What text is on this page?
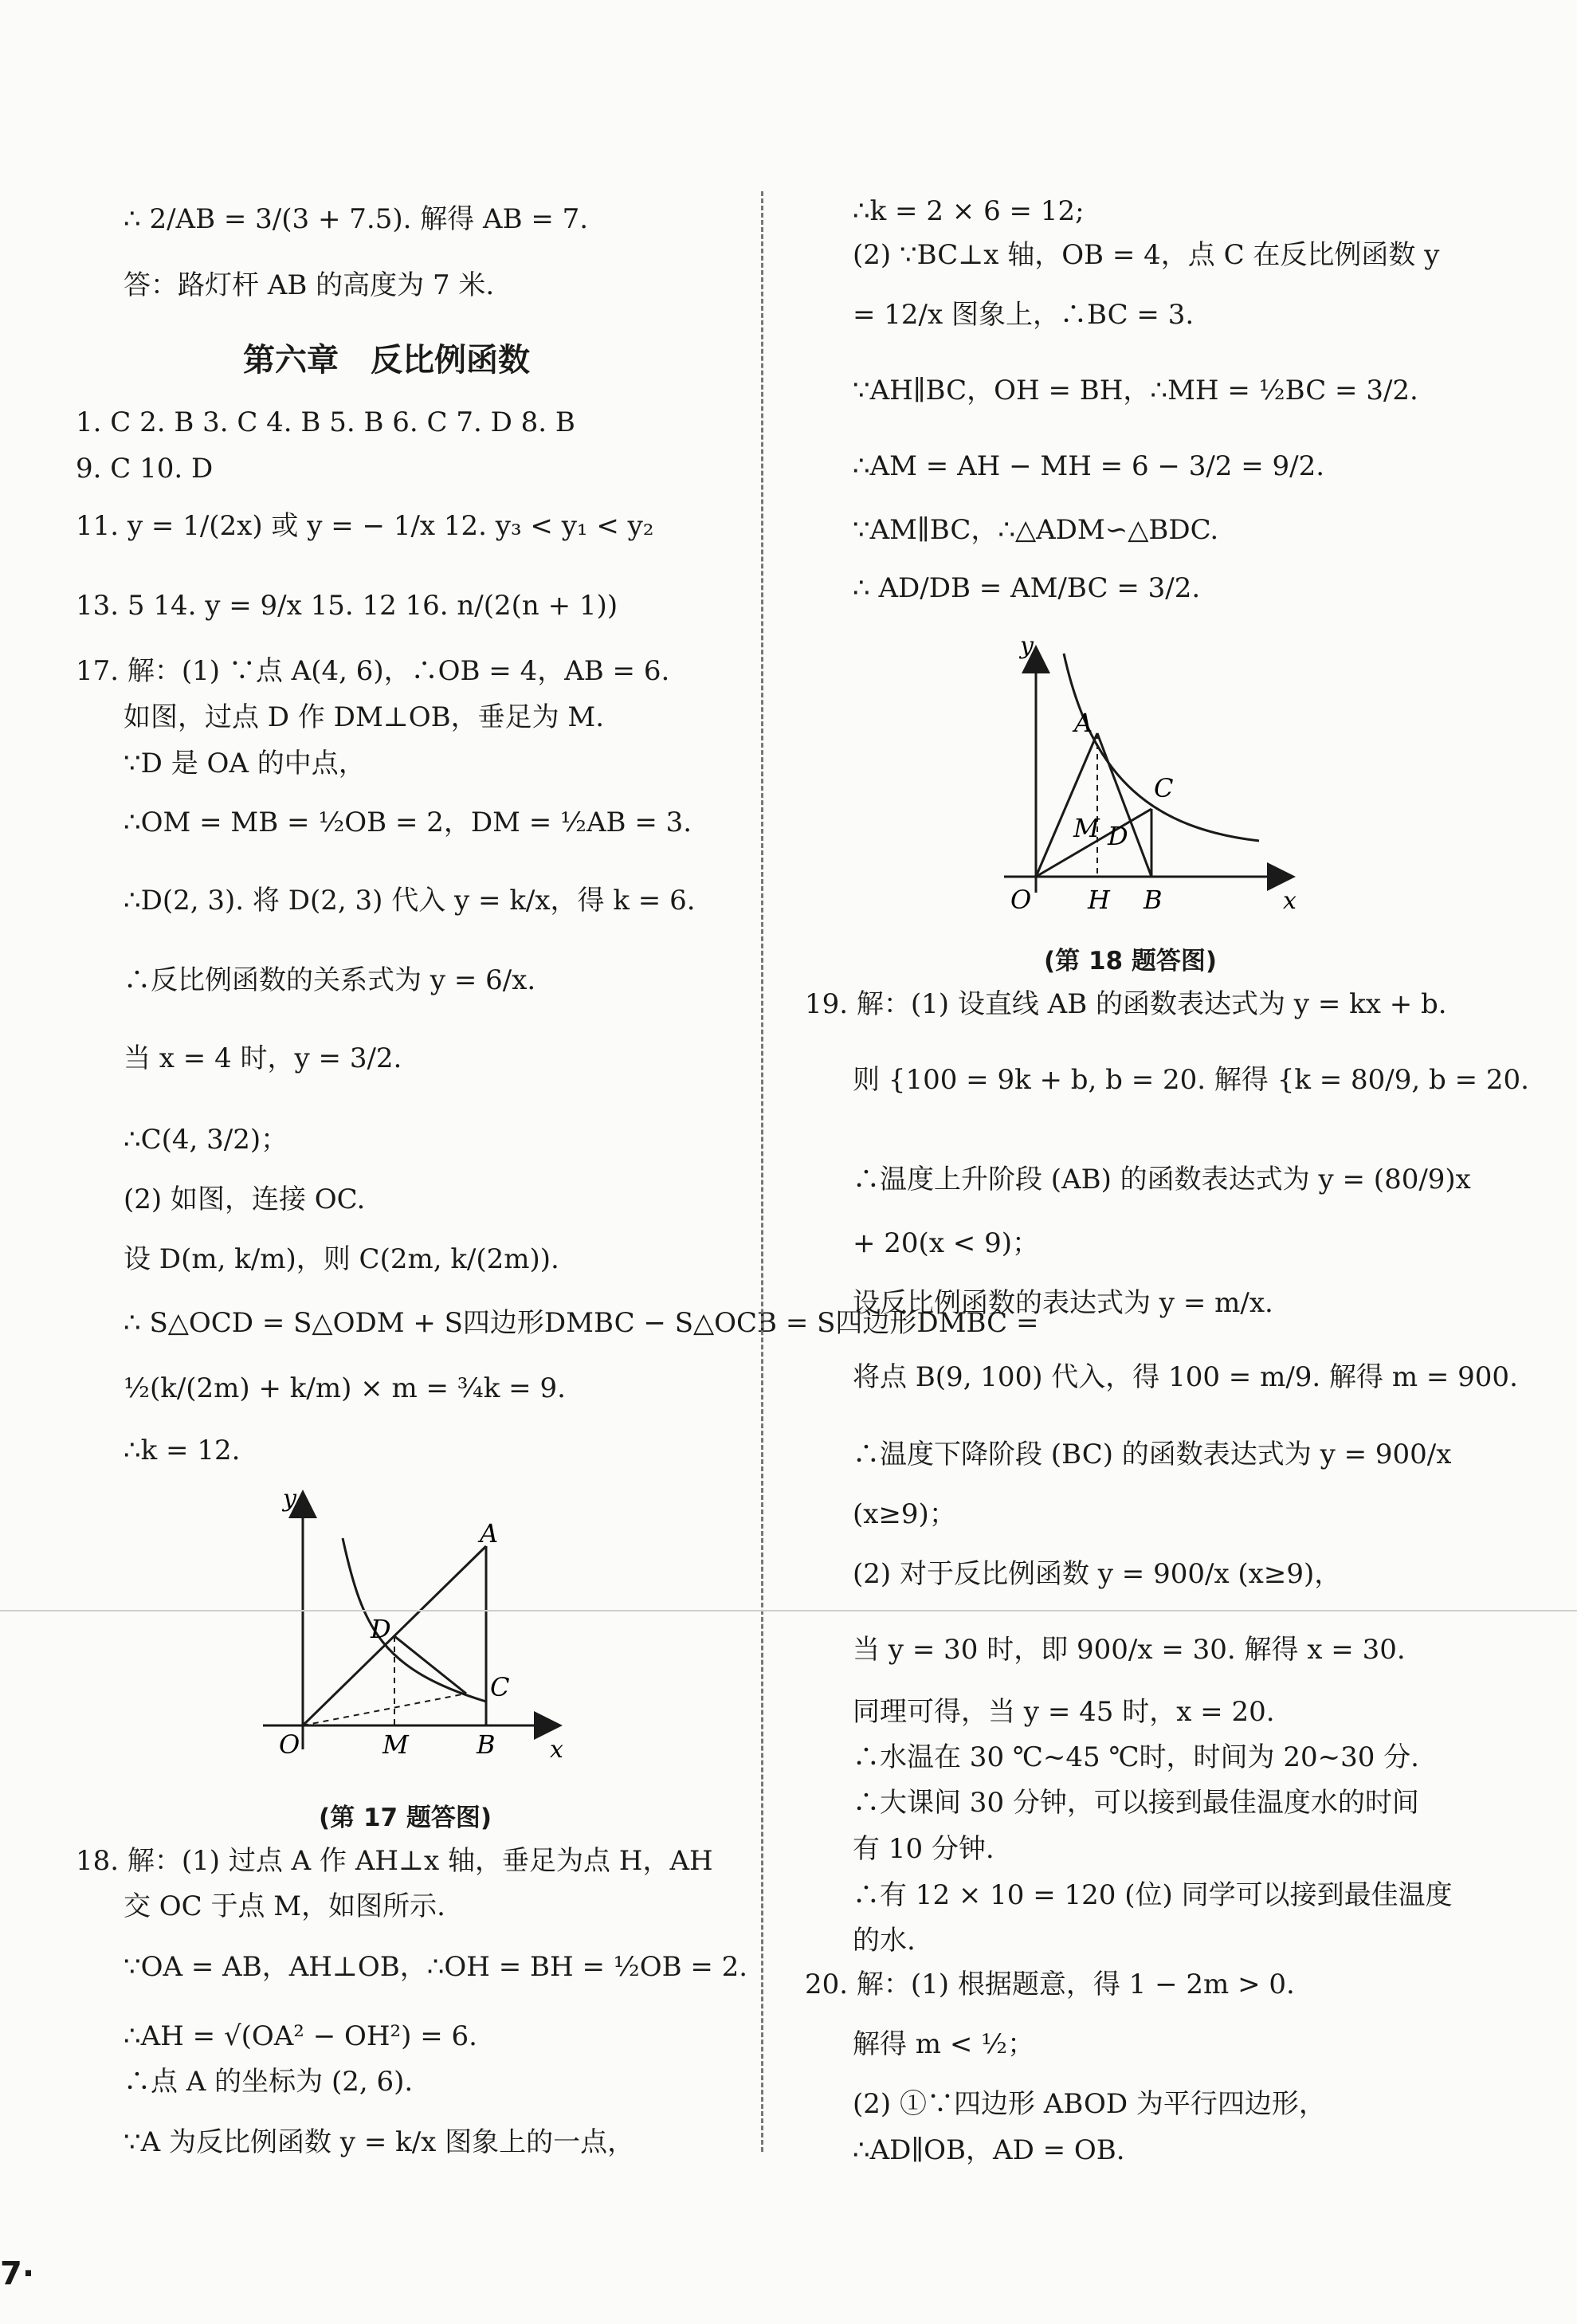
∴ 2/AB = 3/(3 + 7.5). 解得 AB = 7.
答：路灯杆 AB 的高度为 7 米.
第六章　反比例函数
1. C 2. B 3. C 4. B 5. B 6. C 7. D 8. B
9. C 10. D
11. y = 1/(2x) 或 y = − 1/x 12. y₃ < y₁ < y₂
13. 5 14. y = 9/x 15. 12 16. n/(2(n + 1))
17. 解：(1) ∵点 A(4, 6)，∴OB = 4，AB = 6.
如图，过点 D 作 DM⊥OB，垂足为 M.
∵D 是 OA 的中点，
∴OM = MB = ½OB = 2，DM = ½AB = 3.
∴D(2, 3). 将 D(2, 3) 代入 y = k/x，得 k = 6.
∴反比例函数的关系式为 y = 6/x.
当 x = 4 时，y = 3/2.
∴C(4, 3/2)；
(2) 如图，连接 OC.
设 D(m, k/m)，则 C(2m, k/(2m)).
∴ S△OCD = S△ODM + S四边形DMBC − S△OCB = S四边形DMBC =
½(k/(2m) + k/m) × m = ¾k = 9.
∴k = 12.
y
x
O	M	B
A
D
C
(第 17 题答图)
18. 解：(1) 过点 A 作 AH⊥x 轴，垂足为点 H，AH
交 OC 于点 M，如图所示.
∵OA = AB，AH⊥OB，∴OH = BH = ½OB = 2.
∴AH = √(OA² − OH²) = 6.
∴点 A 的坐标为 (2, 6).
∵A 为反比例函数 y = k/x 图象上的一点，
∴k = 2 × 6 = 12;
(2) ∵BC⊥x 轴，OB = 4，点 C 在反比例函数 y
= 12/x 图象上，∴BC = 3.
∵AH∥BC，OH = BH，∴MH = ½BC = 3/2.
∴AM = AH − MH = 6 − 3/2 = 9/2.
∵AM∥BC，∴△ADM∽△BDC.
∴ AD/DB = AM/BC = 3/2.
y
x
O H B
A
M D
C
(第 18 题答图)
19. 解：(1) 设直线 AB 的函数表达式为 y = kx + b.
则 {100 = 9k + b, b = 20. 解得 {k = 80/9, b = 20.
∴温度上升阶段 (AB) 的函数表达式为 y = (80/9)x
+ 20(x < 9)；
设反比例函数的表达式为 y = m/x.
将点 B(9, 100) 代入，得 100 = m/9. 解得 m = 900.
∴温度下降阶段 (BC) 的函数表达式为 y = 900/x
(x≥9)；
(2) 对于反比例函数 y = 900/x (x≥9)，
当 y = 30 时，即 900/x = 30. 解得 x = 30.
同理可得，当 y = 45 时，x = 20.
∴水温在 30 ℃~45 ℃时，时间为 20~30 分.
∴大课间 30 分钟，可以接到最佳温度水的时间
有 10 分钟.
∴有 12 × 10 = 120 (位) 同学可以接到最佳温度
的水.
20. 解：(1) 根据题意，得 1 − 2m > 0.
解得 m < ½；
(2) ①∵四边形 ABOD 为平行四边形，
∴AD∥OB，AD = OB.
7·
